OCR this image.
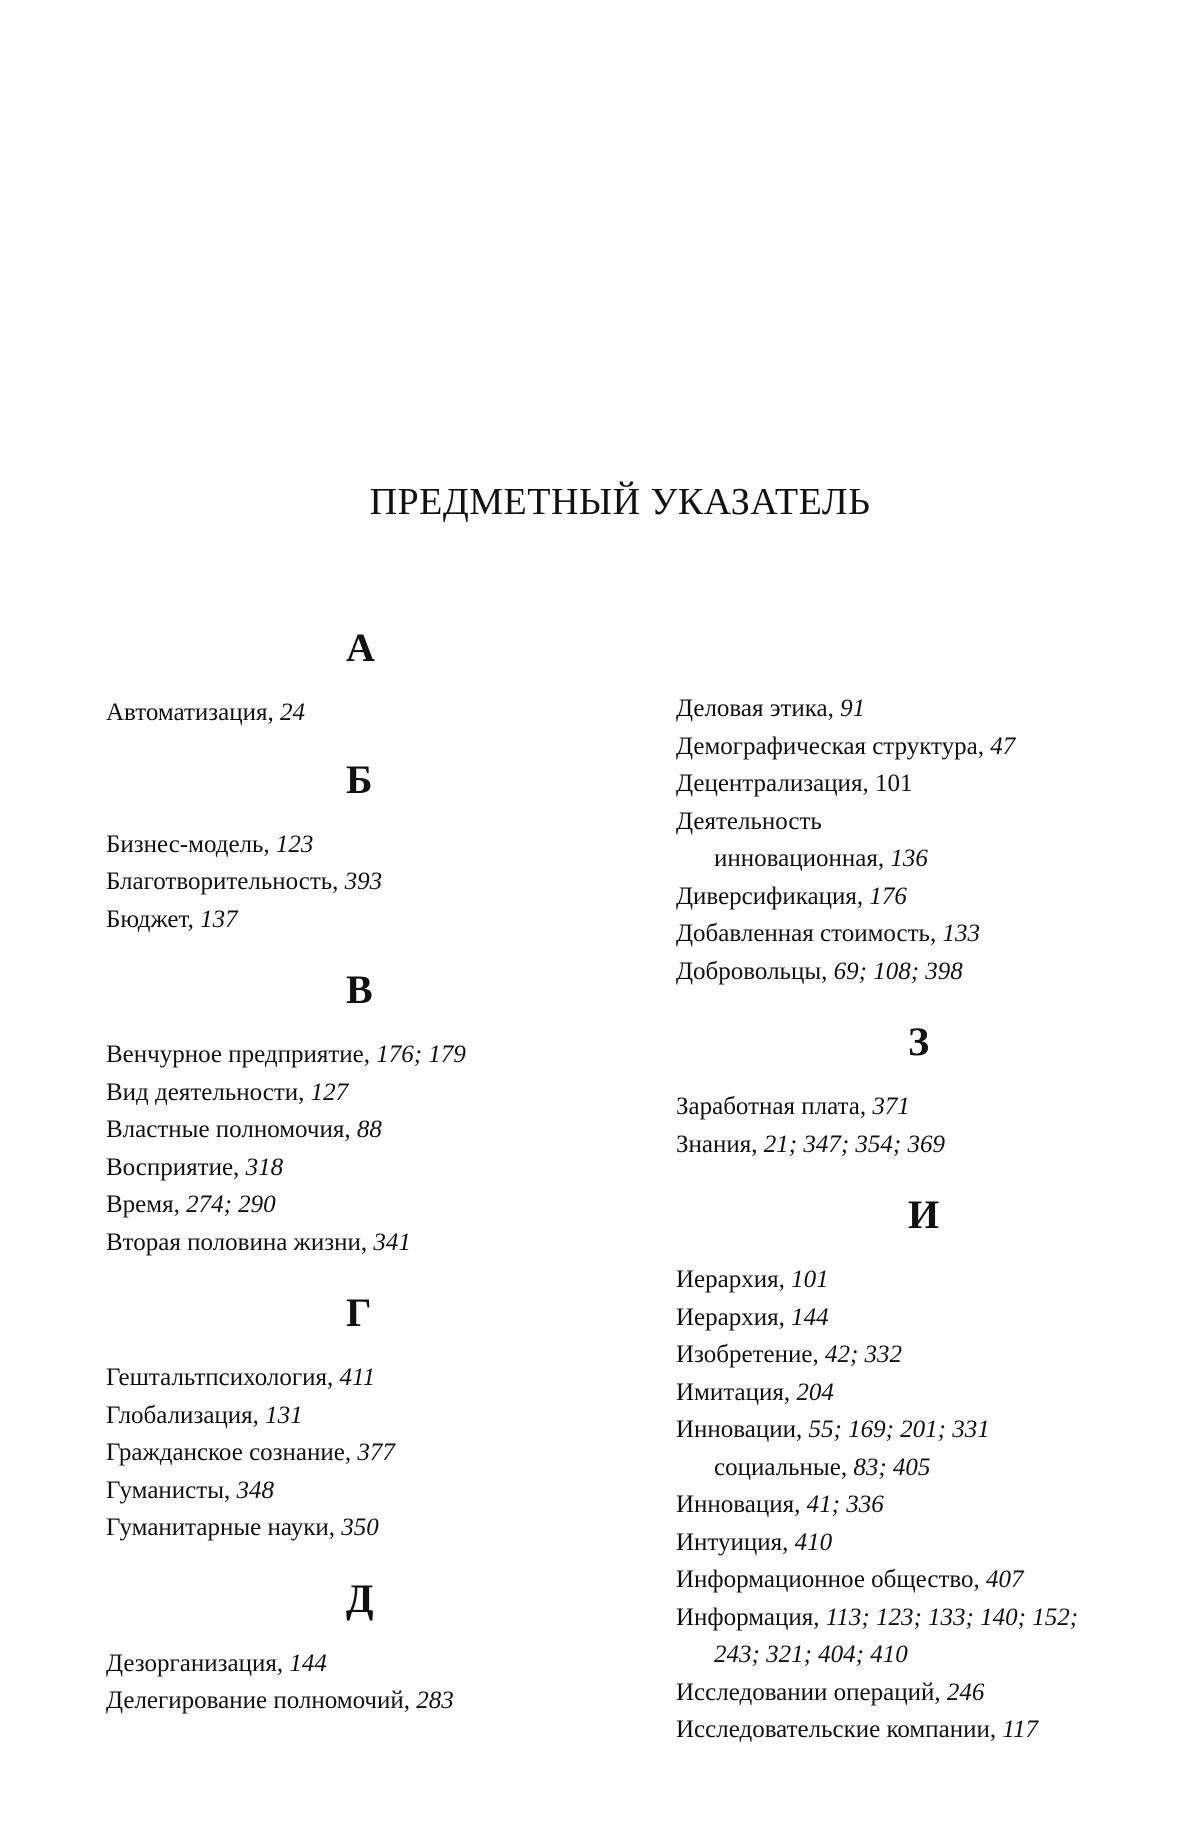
ПРЕДМЕТНЫЙ УКАЗАТЕЛЬ
А
Автоматизация, 24
Б
Бизнес-модель, 123
Благотворительность, 393
Бюджет, 137
В
Венчурное предприятие, 176; 179
Вид деятельности, 127
Властные полномочия, 88
Восприятие, 318
Время, 274; 290
Вторая половина жизни, 341
Г
Гештальтпсихология, 411
Глобализация, 131
Гражданское сознание, 377
Гуманисты, 348
Гуманитарные науки, 350
Д
Дезорганизация, 144
Делегирование полномочий, 283
Деловая этика, 91
Демографическая структура, 47
Децентрализация, 101
Деятельность
инновационная, 136
Диверсификация, 176
Добавленная стоимость, 133
Добровольцы, 69; 108; 398
З
Заработная плата, 371
Знания, 21; 347; 354; 369
И
Иерархия, 101
Иерархия, 144
Изобретение, 42; 332
Имитация, 204
Инновации, 55; 169; 201; 331
социальные, 83; 405
Инновация, 41; 336
Интуиция, 410
Информационное общество, 407
Информация, 113; 123; 133; 140; 152;
243; 321; 404; 410
Исследовании операций, 246
Исследовательские компании, 117
